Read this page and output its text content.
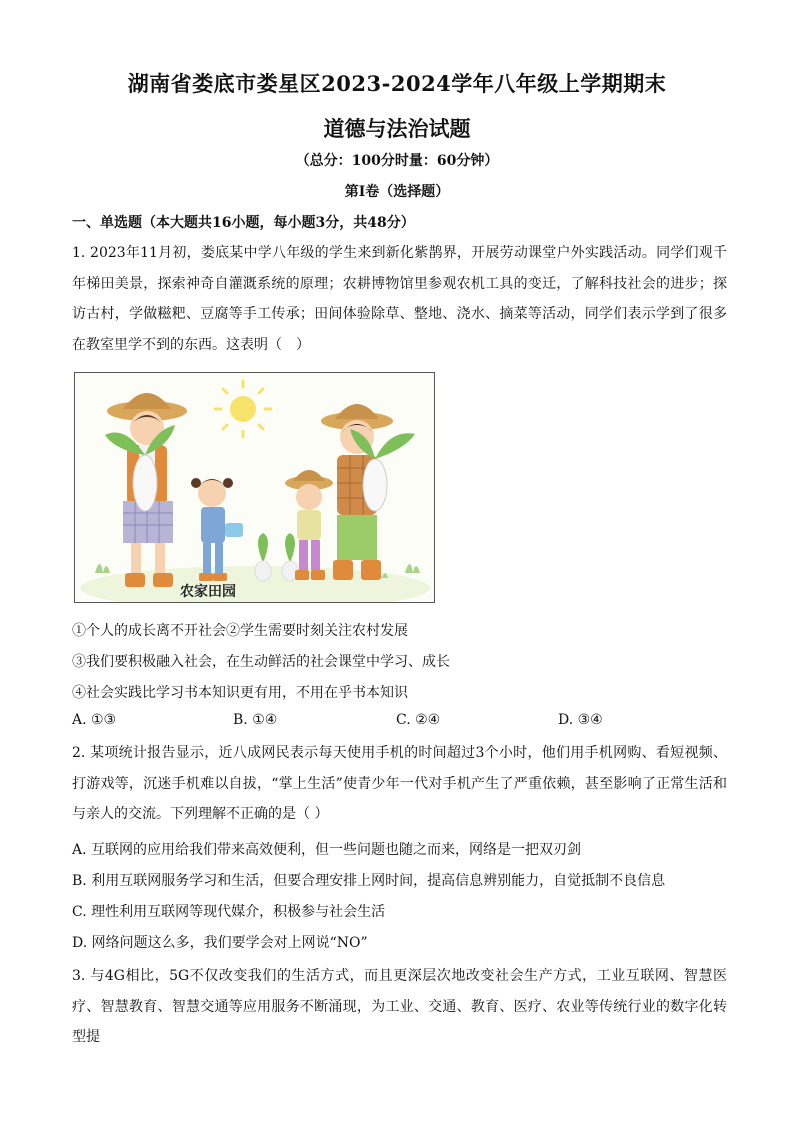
湖南省娄底市娄星区2023-2024学年八年级上学期期末
道德与法治试题
（总分：100分时量：60分钟）
第Ⅰ卷（选择题）
一、单选题（本大题共16小题，每小题3分，共48分）
1. 2023年11月初，娄底某中学八年级的学生来到新化紫鹊界，开展劳动课堂户外实践活动。同学们观千年梯田美景，探索神奇自灌溉系统的原理；农耕博物馆里参观农机工具的变迁，了解科技社会的进步；探访古村，学做糍粑、豆腐等手工传承；田间体验除草、整地、浇水、摘菜等活动，同学们表示学到了很多在教室里学不到的东西。这表明（　）
农家田园
①个人的成长离不开社会②学生需要时刻关注农村发展
③我们要积极融入社会，在生动鲜活的社会课堂中学习、成长
④社会实践比学习书本知识更有用，不用在乎书本知识
A. ①③	B. ①④	C. ②④	D. ③④
2. 某项统计报告显示，近八成网民表示每天使用手机的时间超过3个小时，他们用手机网购、看短视频、打游戏等，沉迷手机难以自拔，“掌上生活”使青少年一代对手机产生了严重依赖，甚至影响了正常生活和与亲人的交流。下列理解不正确的是（ ）
A. 互联网的应用给我们带来高效便利，但一些问题也随之而来，网络是一把双刃剑
B. 利用互联网服务学习和生活，但要合理安排上网时间，提高信息辨别能力，自觉抵制不良信息
C. 理性利用互联网等现代媒介，积极参与社会生活
D. 网络问题这么多，我们要学会对上网说“NO”
3. 与4G相比，5G不仅改变我们的生活方式，而且更深层次地改变社会生产方式，工业互联网、智慧医疗、智慧教育、智慧交通等应用服务不断涌现，为工业、交通、教育、医疗、农业等传统行业的数字化转型提
